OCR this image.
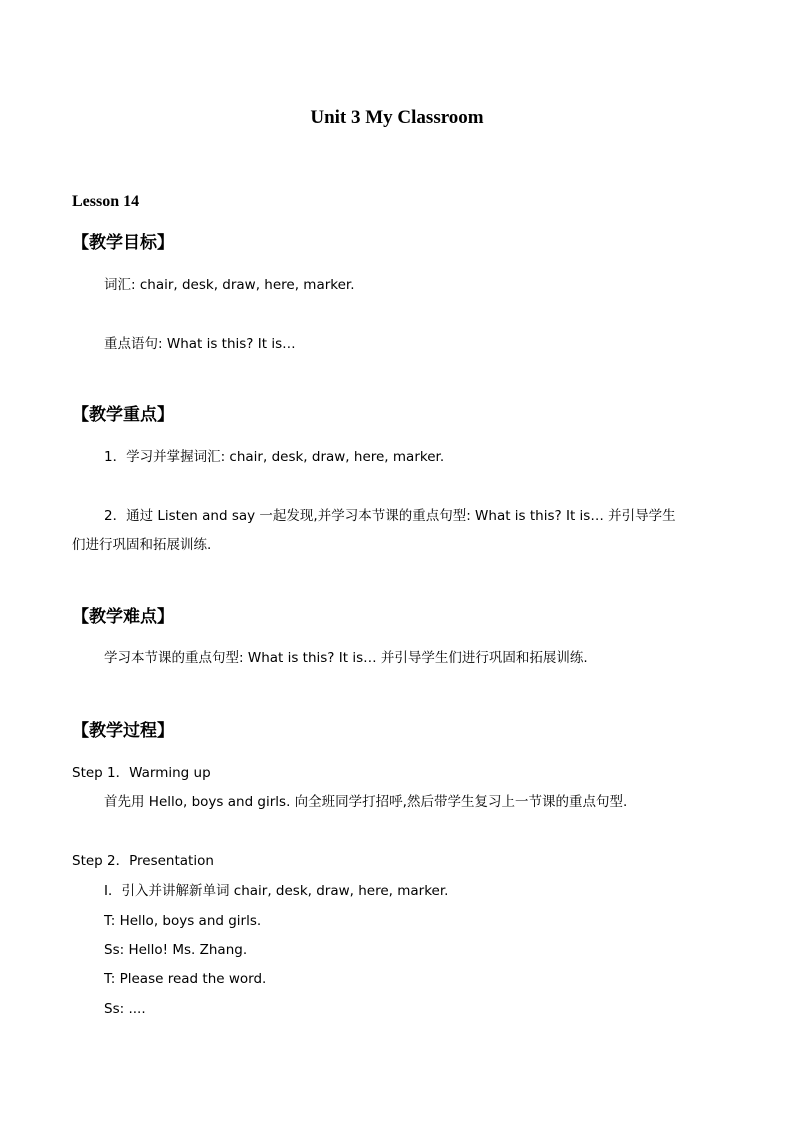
Unit 3 My Classroom
Lesson 14
【教学目标】
词汇: chair, desk, draw, here, marker.
重点语句: What is this? It is…
【教学重点】
1．学习并掌握词汇: chair, desk, draw, here, marker.
2．通过 Listen and say 一起发现,并学习本节课的重点句型: What is this? It is… 并引导学生
们进行巩固和拓展训练.
【教学难点】
学习本节课的重点句型: What is this? It is… 并引导学生们进行巩固和拓展训练.
【教学过程】
Step 1．Warming up
首先用 Hello, boys and girls. 向全班同学打招呼,然后带学生复习上一节课的重点句型.
Step 2．Presentation
Ⅰ．引入并讲解新单词 chair, desk, draw, here, marker.
T: Hello, boys and girls.
Ss: Hello! Ms. Zhang.
T: Please read the word.
Ss: ....
